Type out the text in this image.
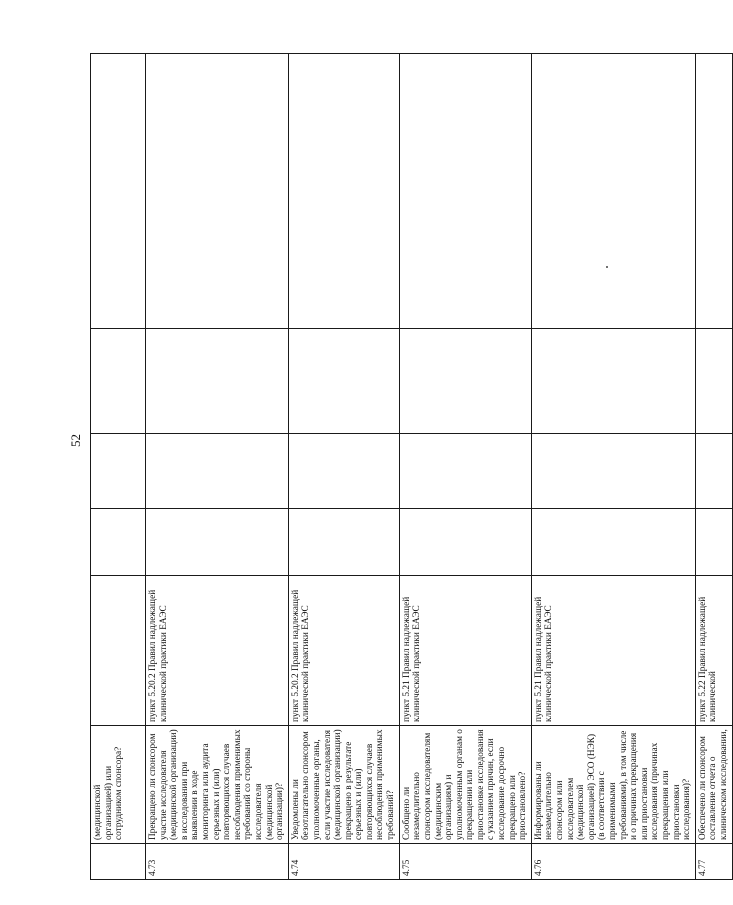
52
	(медицинской организацией) или сотрудником спонсора?					
4.73	Прекращено ли спонсором участие исследователя (медицинской организации) в исследовании при выявлении в ходе мониторинга или аудита серьезных и (или) повторяющихся случаев несоблюдения применимых требований со стороны исследователя (медицинской организации)?	пункт 5.20.2 Правил надлежащей клинической практики ЕАЭС				
4.74	Уведомлены ли безотлагательно спонсором уполномоченные органы, если участие исследователя (медицинской организации) прекращено в результате серьезных и (или) повторяющихся случаев несоблюдения применимых требований?	пункт 5.20.2 Правил надлежащей клинической практики ЕАЭС				
4.75	Сообщено ли незамедлительно спонсором исследователям (медицинским организациям) и уполномоченным органам о прекращении или приостановке исследования с указанием причин, если исследование досрочно прекращено или приостановлено?	пункт 5.21 Правил надлежащей клинической практики ЕАЭС				
4.76	Информированы ли незамедлительно спонсором или исследователем (медицинской организацией) ЭСО (НЭК) (в соответствии с применимыми требованиями), в том числе и о причинах прекращения или приостановки исследования (причинах прекращения или приостановки исследования)?	пункт 5.21 Правил надлежащей клинической практики ЕАЭС				
4.77	Обеспечено ли спонсором составление отчета о клиническом исследовании,	пункт 5.22 Правил надлежащей клинической				
